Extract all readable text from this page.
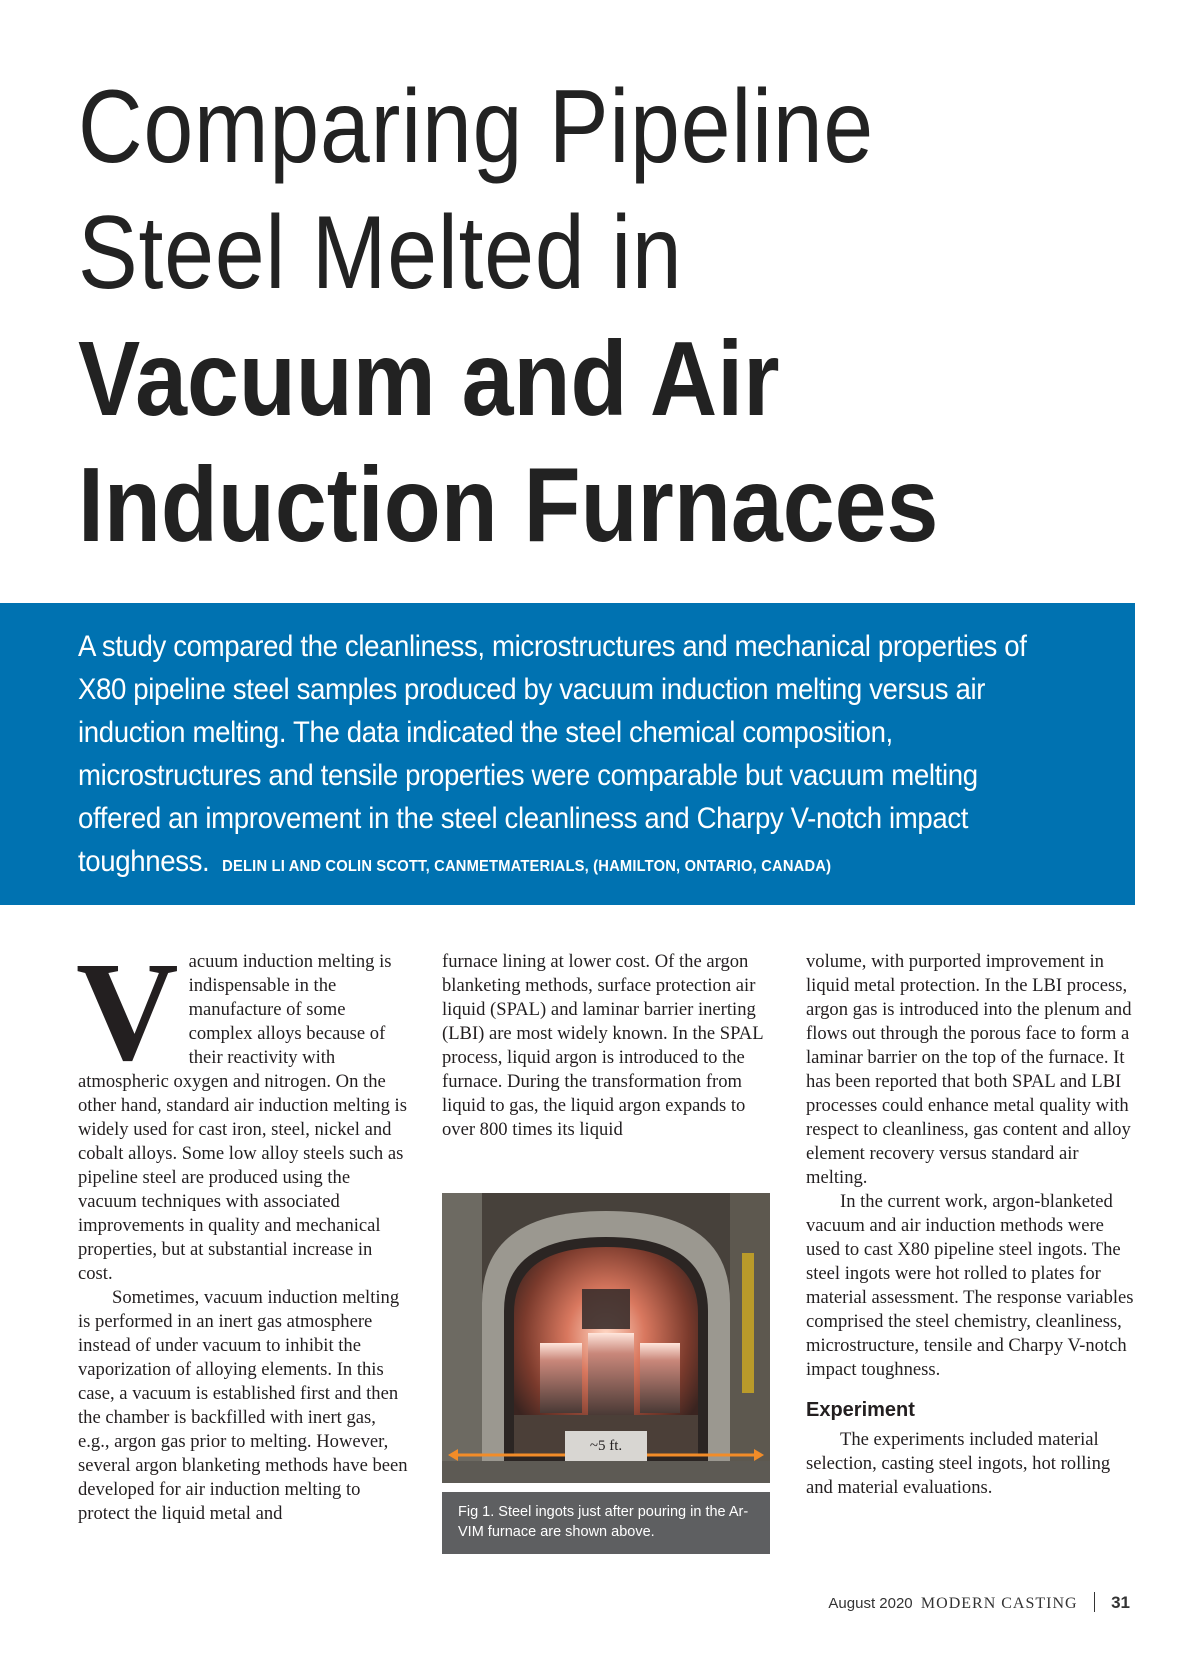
Comparing Pipeline
Steel Melted in
Vacuum and Air
Induction Furnaces
A study compared the cleanliness, microstructures and mechanical properties of X80 pipeline steel samples produced by vacuum induction melting versus air induction melting. The data indicated the steel chemical composition, microstructures and tensile properties were comparable but vacuum melting offered an improvement in the steel cleanliness and Charpy V-notch impact toughness. DELIN LI AND COLIN SCOTT, CANMETMATERIALS, (HAMILTON, ONTARIO, CANADA)
V acuum induction melting is indispensable in the manufacture of some complex alloys because of their reactivity with atmospheric oxygen and nitrogen. On the other hand, standard air induction melting is widely used for cast iron, steel, nickel and cobalt alloys. Some low alloy steels such as pipeline steel are produced using the vacuum techniques with associated improvements in quality and mechanical properties, but at substantial increase in cost.

Sometimes, vacuum induction melting is performed in an inert gas atmosphere instead of under vacuum to inhibit the vaporization of alloying elements. In this case, a vacuum is established first and then the chamber is backfilled with inert gas, e.g., argon gas prior to melting. However, several argon blanketing methods have been developed for air induction melting to protect the liquid metal and

furnace lining at lower cost. Of the argon blanketing methods, surface protection air liquid (SPAL) and laminar barrier inerting (LBI) are most widely known. In the SPAL process, liquid argon is introduced to the furnace. During the transformation from liquid to gas, the liquid argon expands to over 800 times its liquid

~5 ft.
Fig 1. Steel ingots just after pouring in the Ar-VIM furnace are shown above.

volume, with purported improvement in liquid metal protection. In the LBI process, argon gas is introduced into the plenum and flows out through the porous face to form a laminar barrier on the top of the furnace. It has been reported that both SPAL and LBI processes could enhance metal quality with respect to cleanliness, gas content and alloy element recovery versus standard air melting.

In the current work, argon-blanketed vacuum and air induction methods were used to cast X80 pipeline steel ingots. The steel ingots were hot rolled to plates for material assessment. The response variables comprised the steel chemistry, cleanliness, microstructure, tensile and Charpy V-notch impact toughness.

Experiment

The experiments included material selection, casting steel ingots, hot rolling and material evaluations.

August 2020 MODERN CASTING 31
